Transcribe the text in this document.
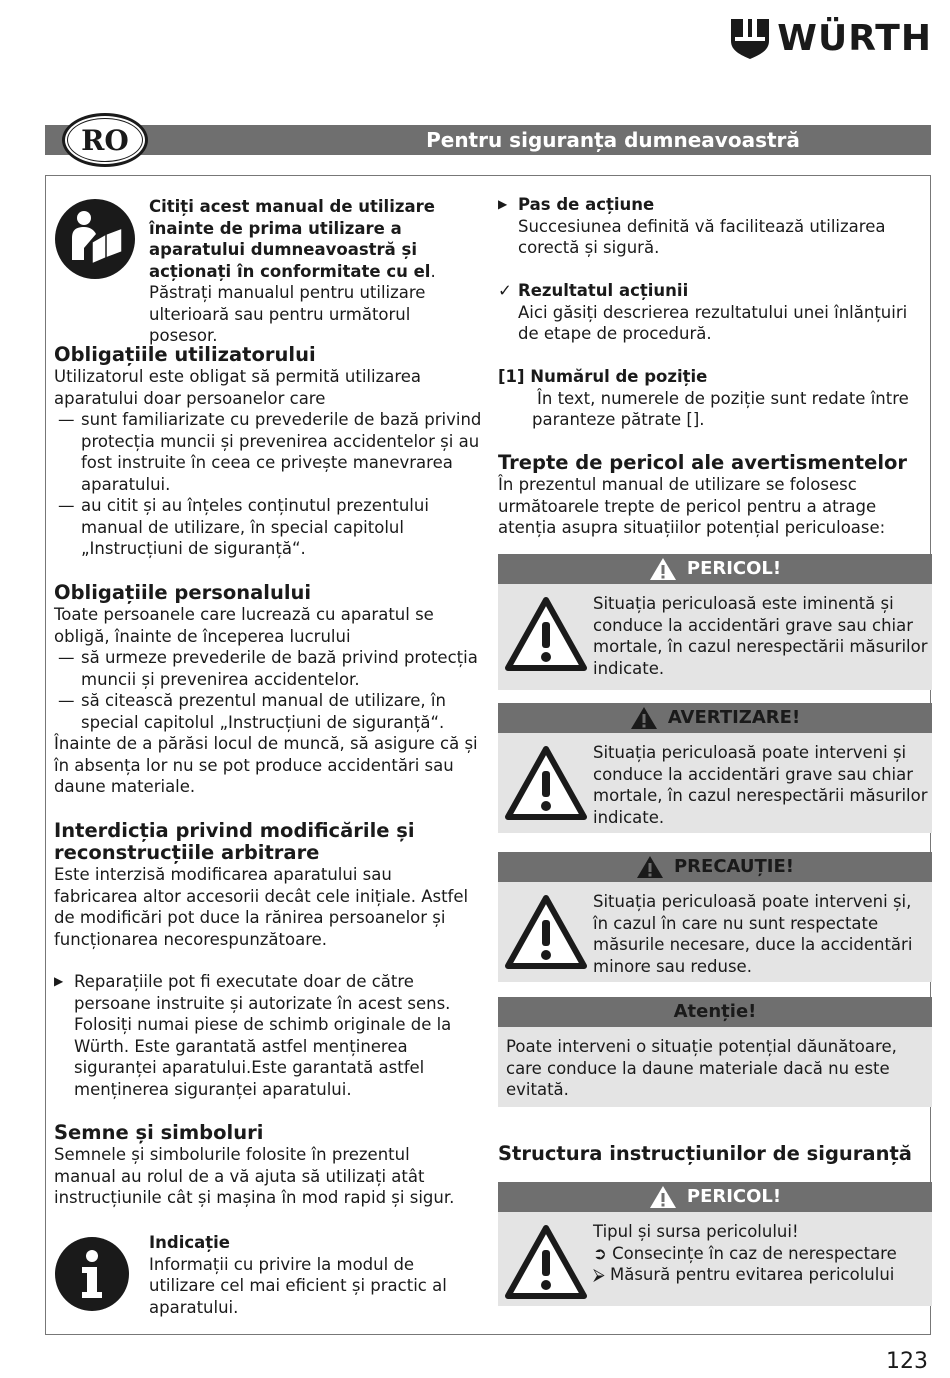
WÜRTH
Pentru siguranța dumneavoastră
RO
Citiți acest manual de utilizare înainte de prima utilizare a aparatului dumneavoastră și acționați în conformitate cu el. Păstrați manualul pentru utilizare ulterioară sau pentru următorul posesor.
Obligațiile utilizatorului

Utilizatorul este obligat să permită utilizarea aparatului doar persoanelor care

— sunt familiarizate cu prevederile de bază privind protecția muncii și prevenirea accidentelor și au fost instruite în ceea ce privește manevrarea aparatului.
— au citit și au înțeles conținutul prezentului manual de utilizare, în special capitolul „Instrucțiuni de siguranță“.
Obligațiile personalului

Toate persoanele care lucrează cu aparatul se obligă, înainte de începerea lucrului

— să urmeze prevederile de bază privind protecția muncii și prevenirea accidentelor.
— să citească prezentul manual de utilizare, în special capitolul „Instrucțiuni de siguranță“.

Înainte de a părăsi locul de muncă, să asigure că și în absența lor nu se pot produce accidentări sau daune materiale.

Interdicția privind modificările și reconstrucțiile arbitrare

Este interzisă modificarea aparatului sau fabricarea altor accesorii decât cele inițiale. Astfel de modificări pot duce la rănirea persoanelor și funcționarea necorespunzătoare.

▶ Reparațiile pot fi executate doar de către persoane instruite și autorizate în acest sens. Folosiți numai piese de schimb originale de la Würth. Este garantată astfel menținerea siguranței aparatului.Este garantată astfel menținerea siguranței aparatului.
Semne și simboluri

Semnele și simbolurile folosite în prezentul manual au rolul de a vă ajuta să utilizați atât instrucțiunile cât și mașina în mod rapid și sigur.

Indicație

Informații cu privire la modul de utilizare cel mai eficient și practic al aparatului.

▶ Pas de acțiune

Succesiunea definită vă facilitează utilizarea corectă și sigură.

✓ Rezultatul acțiunii

Aici găsiți descrierea rezultatului unei înlănțuiri de etape de procedură.

[1] Numărul de poziție

În text, numerele de poziție sunt redate între paranteze pătrate [].

Trepte de pericol ale avertismentelor

În prezentul manual de utilizare se folosesc următoarele trepte de pericol pentru a atrage atenția asupra situațiilor potențial periculoase:

PERICOL!
Situația periculoasă este iminentă și conduce la accidentări grave sau chiar mortale, în cazul nerespectării măsurilor indicate.
AVERTIZARE!
Situația periculoasă poate interveni și conduce la accidentări grave sau chiar mortale, în cazul nerespectării măsurilor indicate.
PRECAUȚIE!
Situația periculoasă poate interveni și, în cazul în care nu sunt respectate măsurile necesare, duce la accidentări minore sau reduse.
Atenție!
Poate interveni o situație potențial dăunătoare, care conduce la daune materiale dacă nu este evitată.
Structura instrucțiunilor de siguranță
PERICOL!
Tipul și sursa pericolului!
➲ Consecințe în caz de nerespectare
⮚ Măsură pentru evitarea pericolului
123
